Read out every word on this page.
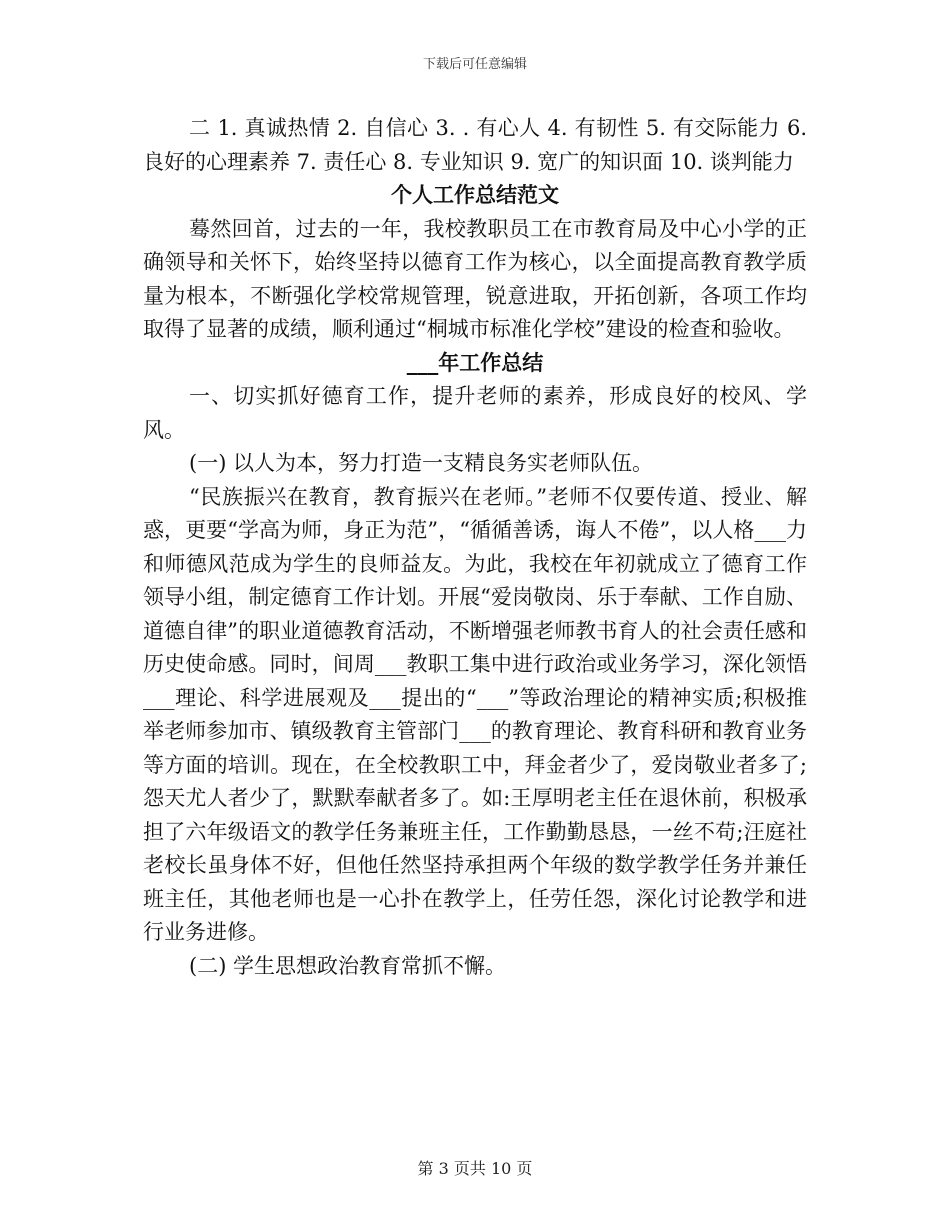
下载后可任意编辑

二 1. 真诚热情 2. 自信心 3. . 有心人 4. 有韧性 5. 有交际能力 6. 良好的心理素养 7. 责任心 8. 专业知识 9. 宽广的知识面 10. 谈判能力

个人工作总结范文

蓦然回首，过去的一年，我校教职员工在市教育局及中心小学的正确领导和关怀下，始终坚持以德育工作为核心，以全面提高教育教学质量为根本，不断强化学校常规管理，锐意进取，开拓创新，各项工作均取得了显著的成绩，顺利通过“桐城市标准化学校”建设的检查和验收。

___年工作总结

一、切实抓好德育工作，提升老师的素养，形成良好的校风、学风。

(一) 以人为本，努力打造一支精良务实老师队伍。

“民族振兴在教育，教育振兴在老师。”老师不仅要传道、授业、解惑，更要“学高为师，身正为范”，“循循善诱，诲人不倦”，以人格___力和师德风范成为学生的良师益友。为此，我校在年初就成立了德育工作领导小组，制定德育工作计划。开展“爱岗敬岗、乐于奉献、工作自励、道德自律”的职业道德教育活动，不断增强老师教书育人的社会责任感和历史使命感。同时，间周___教职工集中进行政治或业务学习，深化领悟___理论、科学进展观及___提出的“___”等政治理论的精神实质;积极推举老师参加市、镇级教育主管部门___的教育理论、教育科研和教育业务等方面的培训。现在，在全校教职工中，拜金者少了，爱岗敬业者多了;怨天尤人者少了，默默奉献者多了。如:王厚明老主任在退休前，积极承担了六年级语文的教学任务兼班主任，工作勤勤恳恳，一丝不苟;汪庭社老校长虽身体不好，但他任然坚持承担两个年级的数学教学任务并兼任班主任，其他老师也是一心扑在教学上，任劳任怨，深化讨论教学和进行业务进修。

(二) 学生思想政治教育常抓不懈。

第 3 页共 10 页
